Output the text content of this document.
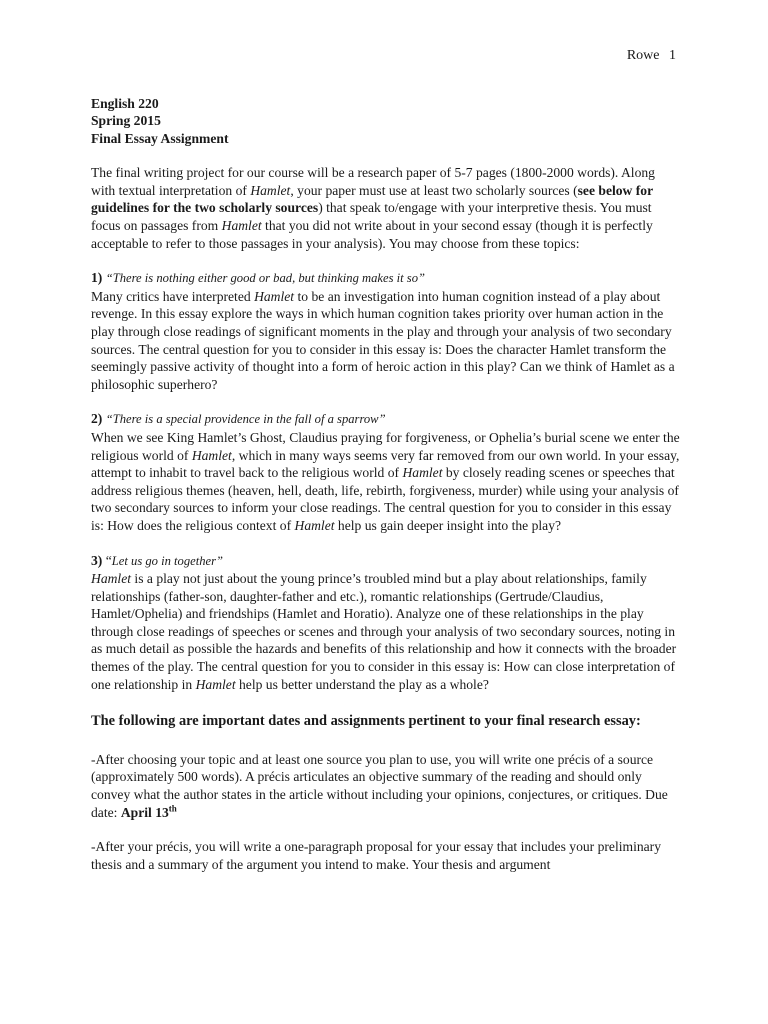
Rowe 1
English 220
Spring 2015
Final Essay Assignment

The final writing project for our course will be a research paper of 5-7 pages (1800-2000 words). Along with textual interpretation of Hamlet, your paper must use at least two scholarly sources (see below for guidelines for the two scholarly sources) that speak to/engage with your interpretive thesis. You must focus on passages from Hamlet that you did not write about in your second essay (though it is perfectly acceptable to refer to those passages in your analysis). You may choose from these topics:

1) “There is nothing either good or bad, but thinking makes it so”
Many critics have interpreted Hamlet to be an investigation into human cognition instead of a play about revenge. In this essay explore the ways in which human cognition takes priority over human action in the play through close readings of significant moments in the play and through your analysis of two secondary sources. The central question for you to consider in this essay is: Does the character Hamlet transform the seemingly passive activity of thought into a form of heroic action in this play? Can we think of Hamlet as a philosophic superhero?

2) “There is a special providence in the fall of a sparrow”
When we see King Hamlet’s Ghost, Claudius praying for forgiveness, or Ophelia’s burial scene we enter the religious world of Hamlet, which in many ways seems very far removed from our own world. In your essay, attempt to inhabit to travel back to the religious world of Hamlet by closely reading scenes or speeches that address religious themes (heaven, hell, death, life, rebirth, forgiveness, murder) while using your analysis of two secondary sources to inform your close readings. The central question for you to consider in this essay is: How does the religious context of Hamlet help us gain deeper insight into the play?

3) “Let us go in together”
Hamlet is a play not just about the young prince’s troubled mind but a play about relationships, family relationships (father-son, daughter-father and etc.), romantic relationships (Gertrude/Claudius, Hamlet/Ophelia) and friendships (Hamlet and Horatio). Analyze one of these relationships in the play through close readings of speeches or scenes and through your analysis of two secondary sources, noting in as much detail as possible the hazards and benefits of this relationship and how it connects with the broader themes of the play. The central question for you to consider in this essay is: How can close interpretation of one relationship in Hamlet help us better understand the play as a whole?

The following are important dates and assignments pertinent to your final research essay:

-After choosing your topic and at least one source you plan to use, you will write one précis of a source (approximately 500 words). A précis articulates an objective summary of the reading and should only convey what the author states in the article without including your opinions, conjectures, or critiques. Due date: April 13th

-After your précis, you will write a one-paragraph proposal for your essay that includes your preliminary thesis and a summary of the argument you intend to make. Your thesis and argument
